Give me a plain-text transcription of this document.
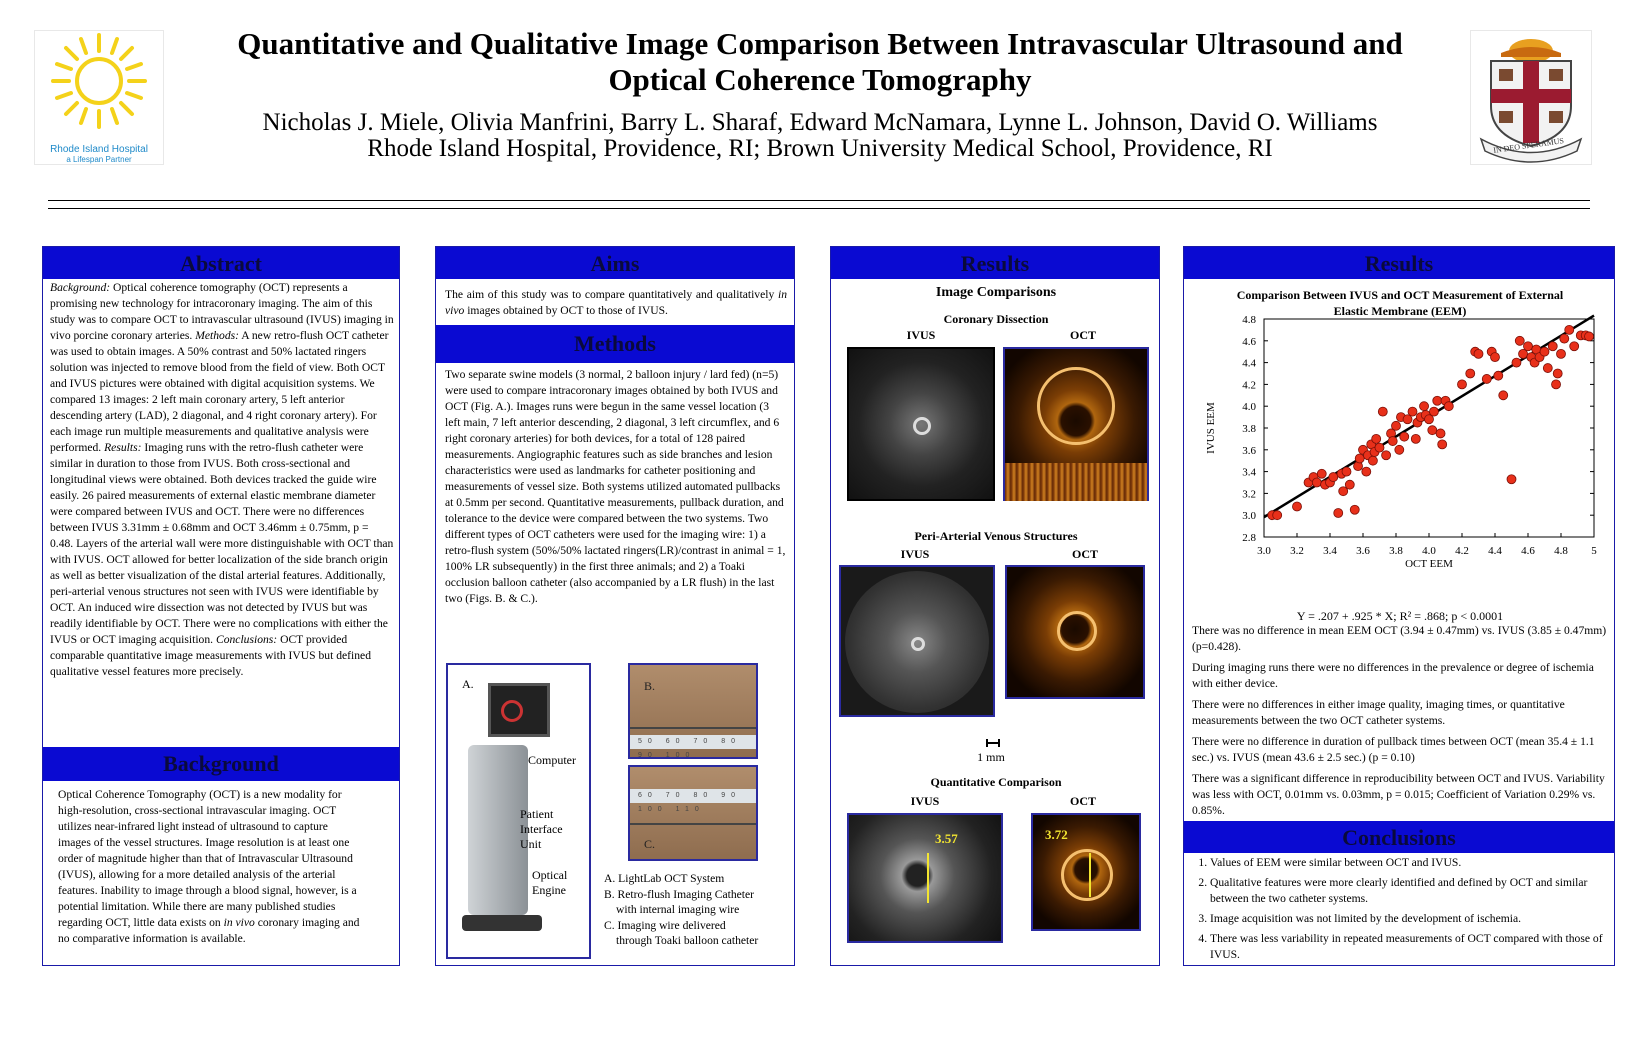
Rhode Island Hospital
a Lifespan Partner
Quantitative and Qualitative Image Comparison Between Intravascular Ultrasound and Optical Coherence Tomography
Nicholas J. Miele, Olivia Manfrini, Barry L. Sharaf, Edward McNamara, Lynne L. Johnson, David O. Williams
Rhode Island Hospital, Providence, RI; Brown University Medical School, Providence, RI	IN DEO SPERAMUS
Abstract
Background: Optical coherence tomography (OCT) represents a promising new technology for intracoronary imaging. The aim of this study was to compare OCT to intravascular ultrasound (IVUS) imaging in vivo porcine coronary arteries. Methods: A new retro-flush OCT catheter was used to obtain images. A 50% contrast and 50% lactated ringers solution was injected to remove blood from the field of view. Both OCT and IVUS pictures were obtained with digital acquisition systems. We compared 13 images: 2 left main coronary artery, 5 left anterior descending artery (LAD), 2 diagonal, and 4 right coronary artery). For each image run multiple measurements and qualitative analysis were performed. Results: Imaging runs with the retro-flush catheter were similar in duration to those from IVUS. Both cross-sectional and longitudinal views were obtained. Both devices tracked the guide wire easily. 26 paired measurements of external elastic membrane diameter were compared between IVUS and OCT. There were no differences between IVUS 3.31mm ± 0.68mm and OCT 3.46mm ± 0.75mm, p = 0.48. Layers of the arterial wall were more distinguishable with OCT than with IVUS. OCT allowed for better localization of the side branch origin as well as better visualization of the distal arterial features. Additionally, peri-arterial venous structures not seen with IVUS were identifiable by OCT. An induced wire dissection was not detected by IVUS but was readily identifiable by OCT. There were no complications with either the IVUS or OCT imaging acquisition. Conclusions: OCT provided comparable quantitative image measurements with IVUS but defined qualitative vessel features more precisely.
Background
Optical Coherence Tomography (OCT) is a new modality for high-resolution, cross-sectional intravascular imaging. OCT utilizes near-infrared light instead of ultrasound to capture images of the vessel structures. Image resolution is at least one order of magnitude higher than that of Intravascular Ultrasound (IVUS), allowing for a more detailed analysis of the arterial features. Inability to image through a blood signal, however, is a potential limitation. While there are many published studies regarding OCT, little data exists on in vivo coronary imaging and no comparative information is available.
Aims
The aim of this study was to compare quantitatively and qualitatively in vivo images obtained by OCT to those of IVUS.
Methods
Two separate swine models (3 normal, 2 balloon injury / lard fed) (n=5) were used to compare intracoronary images obtained by both IVUS and OCT (Fig. A.). Images runs were begun in the same vessel location (3 left main, 7 left anterior descending, 2 diagonal, 3 left circumflex, and 6 right coronary arteries) for both devices, for a total of 128 paired measurements. Angiographic features such as side branches and lesion characteristics were used as landmarks for catheter positioning and measurements of vessel size. Both systems utilized automated pullbacks at 0.5mm per second. Quantitative measurements, pullback duration, and tolerance to the device were compared between the two systems. Two different types of OCT catheters were used for the imaging wire: 1) a retro-flush system (50%/50% lactated ringers(LR)/contrast in animal = 1, 100% LR subsequently) in the first three animals; and 2) a Toaki occlusion balloon catheter (also accompanied by a LR flush) in the last two (Figs. B. & C.).
A.
Computer
Patient Interface Unit
Optical Engine
B.
50 60 70 80 90 100
60 70 80 90 100 110
C.
A. LightLab OCT System
B. Retro-flush Imaging Catheter
with internal imaging wire
C. Imaging wire delivered
through Toaki balloon catheter
Results
Image Comparisons
Coronary Dissection
IVUS	OCT
Peri-Arterial Venous Structures
IVUS	OCT
1 mm
Quantitative Comparison
IVUS	OCT
3.57	3.72
Results
Comparison Between IVUS and OCT Measurement of External Elastic Membrane (EEM)
3.0 3.2 3.4 3.6 3.8 4.0 4.2 4.4 4.6 4.8 5
2.8
3.0
3.2
3.4
3.6
3.8
4.0
4.2
4.4
4.6
4.8
OCT EEM
IVUS EEM
Y = .207 + .925 * X; R² = .868; p < 0.0001

There was no difference in mean EEM OCT (3.94 ± 0.47mm) vs. IVUS (3.85 ± 0.47mm)(p=0.428).

During imaging runs there were no differences in the prevalence or degree of ischemia with either device.

There were no differences in either image quality, imaging times, or quantitative measurements between the two OCT catheter systems.

There were no difference in duration of pullback times between OCT (mean 35.4 ± 1.1 sec.) vs. IVUS (mean 43.6 ± 2.5 sec.) (p = 0.10)

There was a significant difference in reproducibility between OCT and IVUS. Variability was less with OCT, 0.01mm vs. 0.03mm, p = 0.015; Coefficient of Variation 0.29% vs. 0.85%.

Conclusions
1. Values of EEM were similar between OCT and IVUS.
2. Qualitative features were more clearly identified and defined by OCT and similar between the two catheter systems.
3. Image acquisition was not limited by the development of ischemia.
4. There was less variability in repeated measurements of OCT compared with those of IVUS.
